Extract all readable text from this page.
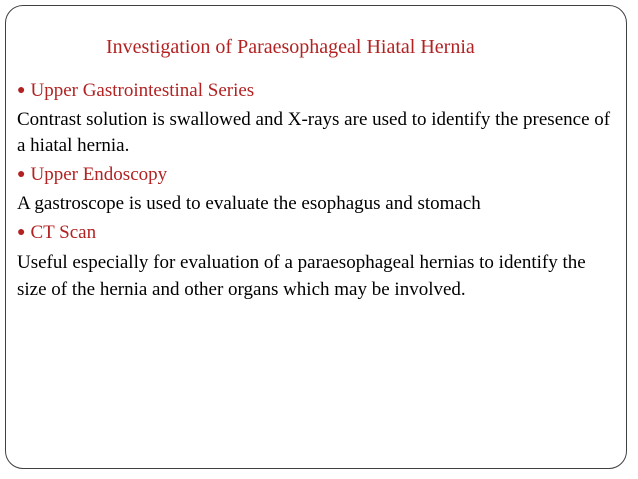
Investigation of Paraesophageal Hiatal Hernia
● Upper Gastrointestinal Series
Contrast solution is swallowed and X-rays are used to identify the presence of a hiatal hernia.
● Upper Endoscopy
A gastroscope is used to evaluate the esophagus and stomach
● CT Scan
Useful especially for evaluation of a paraesophageal hernias to identify the size of the hernia and other organs which may be involved.
